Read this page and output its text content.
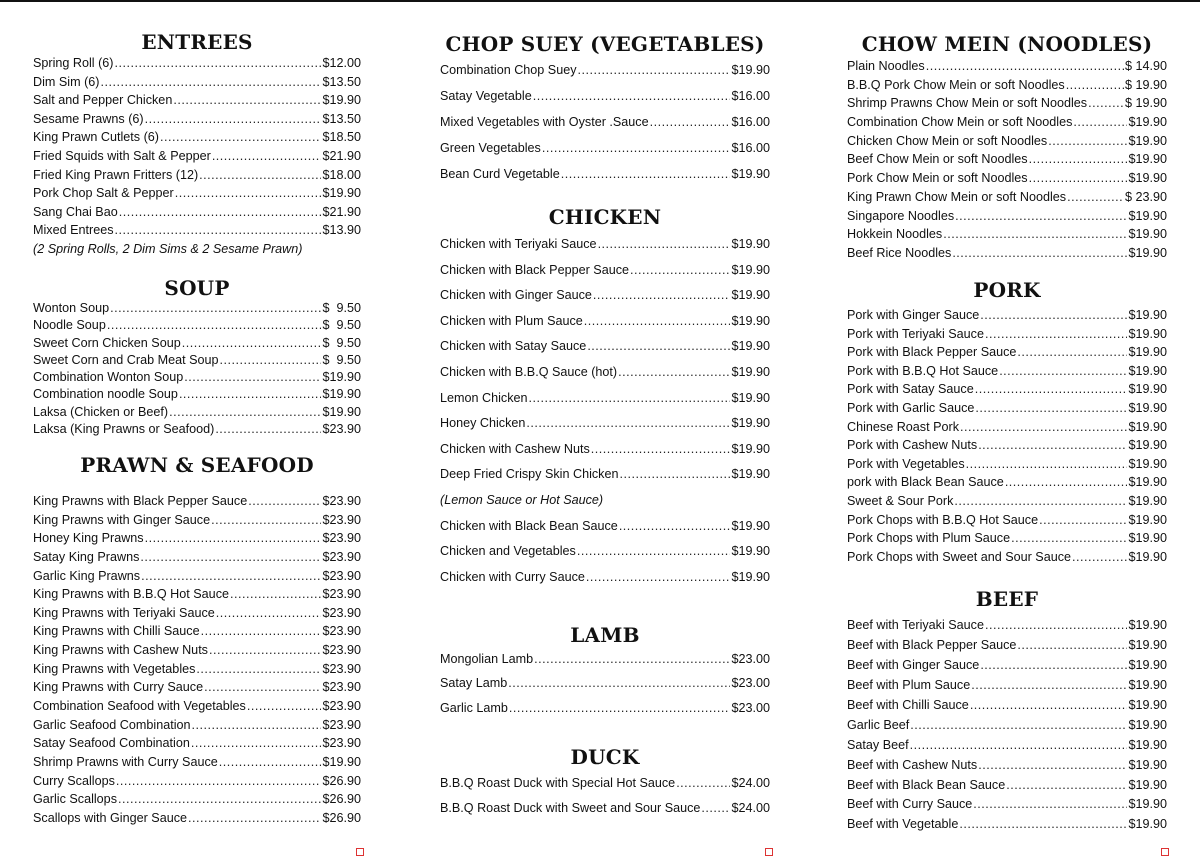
ENTREES
Spring Roll (6) .....	$12.00
Dim Sim (6) .....	$13.50
Salt and Pepper Chicken .....	$19.90
Sesame Prawns (6) .....	$13.50
King Prawn Cutlets (6) .....	$18.50
Fried Squids with Salt & Pepper .....	$21.90
Fried King Prawn Fritters (12) .....	$18.00
Pork Chop Salt & Pepper .....	$19.90
Sang Chai Bao .....	$21.90
Mixed Entrees .....	$13.90
(2 Spring Rolls, 2 Dim Sims & 2 Sesame Prawn)
SOUP
Wonton Soup .....	$  9.50
Noodle Soup .....	$  9.50
Sweet Corn Chicken Soup .....	$  9.50
Sweet Corn and Crab Meat Soup .....	$  9.50
Combination Wonton Soup .....	$19.90
Combination noodle Soup .....	$19.90
Laksa (Chicken or Beef) .....	$19.90
Laksa (King Prawns or Seafood) .....	$23.90
PRAWN & SEAFOOD
King Prawns with Black Pepper Sauce .....	$23.90
King Prawns with Ginger Sauce .....	$23.90
Honey King Prawns .....	$23.90
Satay King Prawns .....	$23.90
Garlic King Prawns .....	$23.90
King Prawns with B.B.Q Hot Sauce .....	$23.90
King Prawns with Teriyaki Sauce .....	$23.90
King Prawns with Chilli Sauce .....	$23.90
King Prawns with Cashew Nuts .....	$23.90
King Prawns with Vegetables .....	$23.90
King Prawns with Curry Sauce .....	$23.90
Combination Seafood with Vegetables .....	$23.90
Garlic Seafood Combination .....	$23.90
Satay Seafood Combination .....	$23.90
Shrimp Prawns with Curry Sauce .....	$19.90
Curry Scallops .....	$26.90
Garlic Scallops .....	$26.90
Scallops with Ginger Sauce .....	$26.90
CHOP SUEY (VEGETABLES)
Combination Chop Suey .....	$19.90
Satay Vegetable .....	$16.00
Mixed Vegetables with Oyster .Sauce .....	$16.00
Green Vegetables .....	$16.00
Bean Curd Vegetable .....	$19.90
CHICKEN
Chicken with Teriyaki Sauce .....	$19.90
Chicken with Black Pepper Sauce .....	$19.90
Chicken with Ginger Sauce .....	$19.90
Chicken with Plum Sauce .....	$19.90
Chicken with Satay Sauce .....	$19.90
Chicken with B.B.Q Sauce (hot) .....	$19.90
Lemon Chicken .....	$19.90
Honey Chicken .....	$19.90
Chicken with Cashew Nuts .....	$19.90
Deep Fried Crispy Skin Chicken .....	$19.90
(Lemon Sauce or Hot Sauce)
Chicken with Black Bean Sauce .....	$19.90
Chicken and Vegetables .....	$19.90
Chicken with Curry Sauce .....	$19.90
LAMB
Mongolian Lamb .....	$23.00
Satay Lamb .....	$23.00
Garlic Lamb .....	$23.00
DUCK
B.B.Q Roast Duck with Special Hot Sauce .....	$24.00
B.B.Q Roast Duck with Sweet and Sour Sauce ..... $24.00
CHOW MEIN (NOODLES)
Plain Noodles .....	$ 14.90
B.B.Q Pork Chow Mein or soft Noodles .....	$ 19.90
Shrimp Prawns Chow Mein or soft Noodles .....	$ 19.90
Combination Chow Mein or soft Noodles .....	$19.90
Chicken Chow Mein or soft Noodles .....	$19.90
Beef Chow Mein or soft Noodles .....	$19.90
Pork Chow Mein or soft Noodles .....	$19.90
King Prawn Chow Mein or soft Noodles .....	$ 23.90
Singapore Noodles .....	$19.90
Hokkein Noodles .....	$19.90
Beef Rice Noodles .....	$19.90
PORK
Pork with Ginger Sauce .....	$19.90
Pork with Teriyaki Sauce .....	$19.90
Pork with Black Pepper Sauce .....	$19.90
Pork with B.B.Q Hot Sauce .....	$19.90
Pork with Satay Sauce .....	$19.90
Pork with Garlic Sauce .....	$19.90
Chinese Roast Pork .....	$19.90
Pork with Cashew Nuts .....	$19.90
Pork with Vegetables .....	$19.90
pork with Black Bean Sauce .....	$19.90
Sweet & Sour Pork .....	$19.90
Pork Chops with B.B.Q Hot Sauce .....	$19.90
Pork Chops with Plum Sauce .....	$19.90
Pork Chops with Sweet and Sour Sauce .....	$19.90
BEEF
Beef with Teriyaki Sauce .....	$19.90
Beef with Black Pepper Sauce .....	$19.90
Beef with Ginger Sauce .....	$19.90
Beef with Plum Sauce .....	$19.90
Beef with Chilli Sauce .....	$19.90
Garlic Beef .....	$19.90
Satay Beef .....	$19.90
Beef with Cashew Nuts .....	$19.90
Beef with Black Bean Sauce .....	$19.90
Beef with Curry Sauce .....	$19.90
Beef with Vegetable .....	$19.90
